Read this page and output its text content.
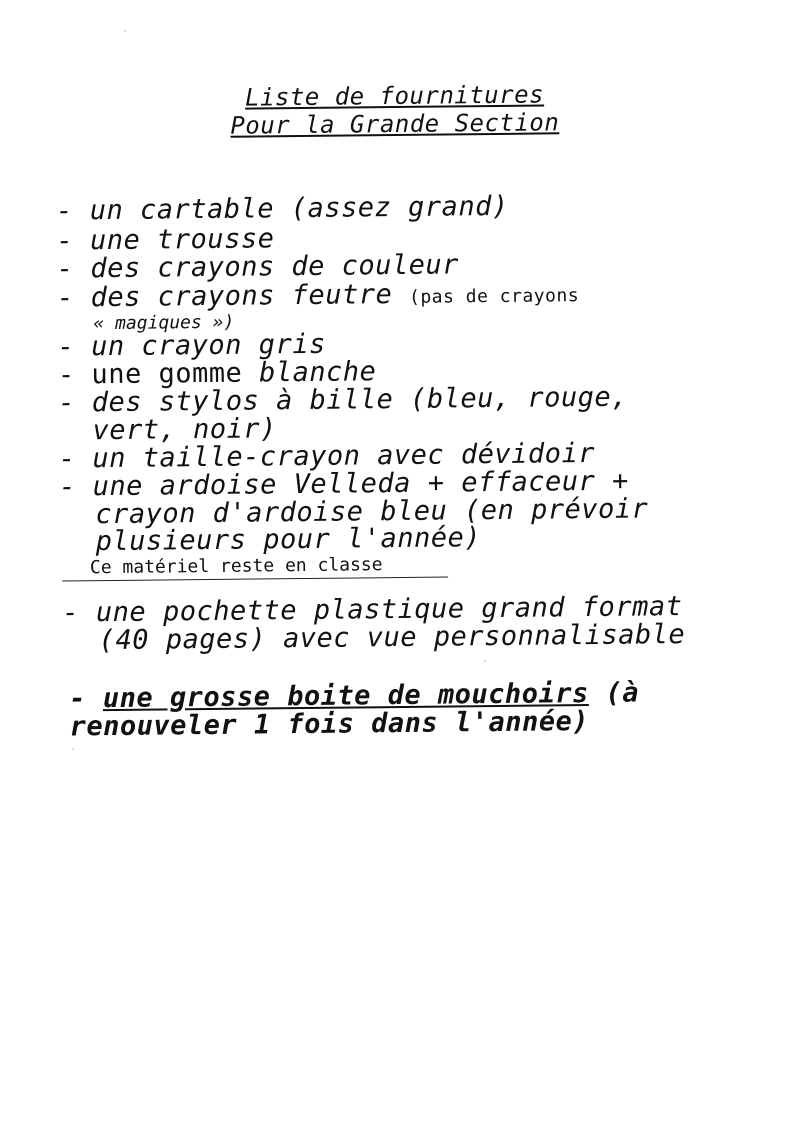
Liste de fournitures
Pour la Grande Section
- un cartable (assez grand)
- une trousse
- des crayons de couleur
- des crayons feutre (pas de crayons
« magiques »)
- un crayon gris
- une gomme blanche
- des stylos à bille (bleu, rouge,
vert, noir)
- un taille-crayon avec dévidoir
- une ardoise Velleda + effaceur +
crayon d'ardoise bleu (en prévoir
plusieurs pour l'année)
Ce matériel reste en classe
- une pochette plastique grand format
(40 pages) avec vue personnalisable
- une grosse boite de mouchoirs (à
renouveler 1 fois dans l'année)
